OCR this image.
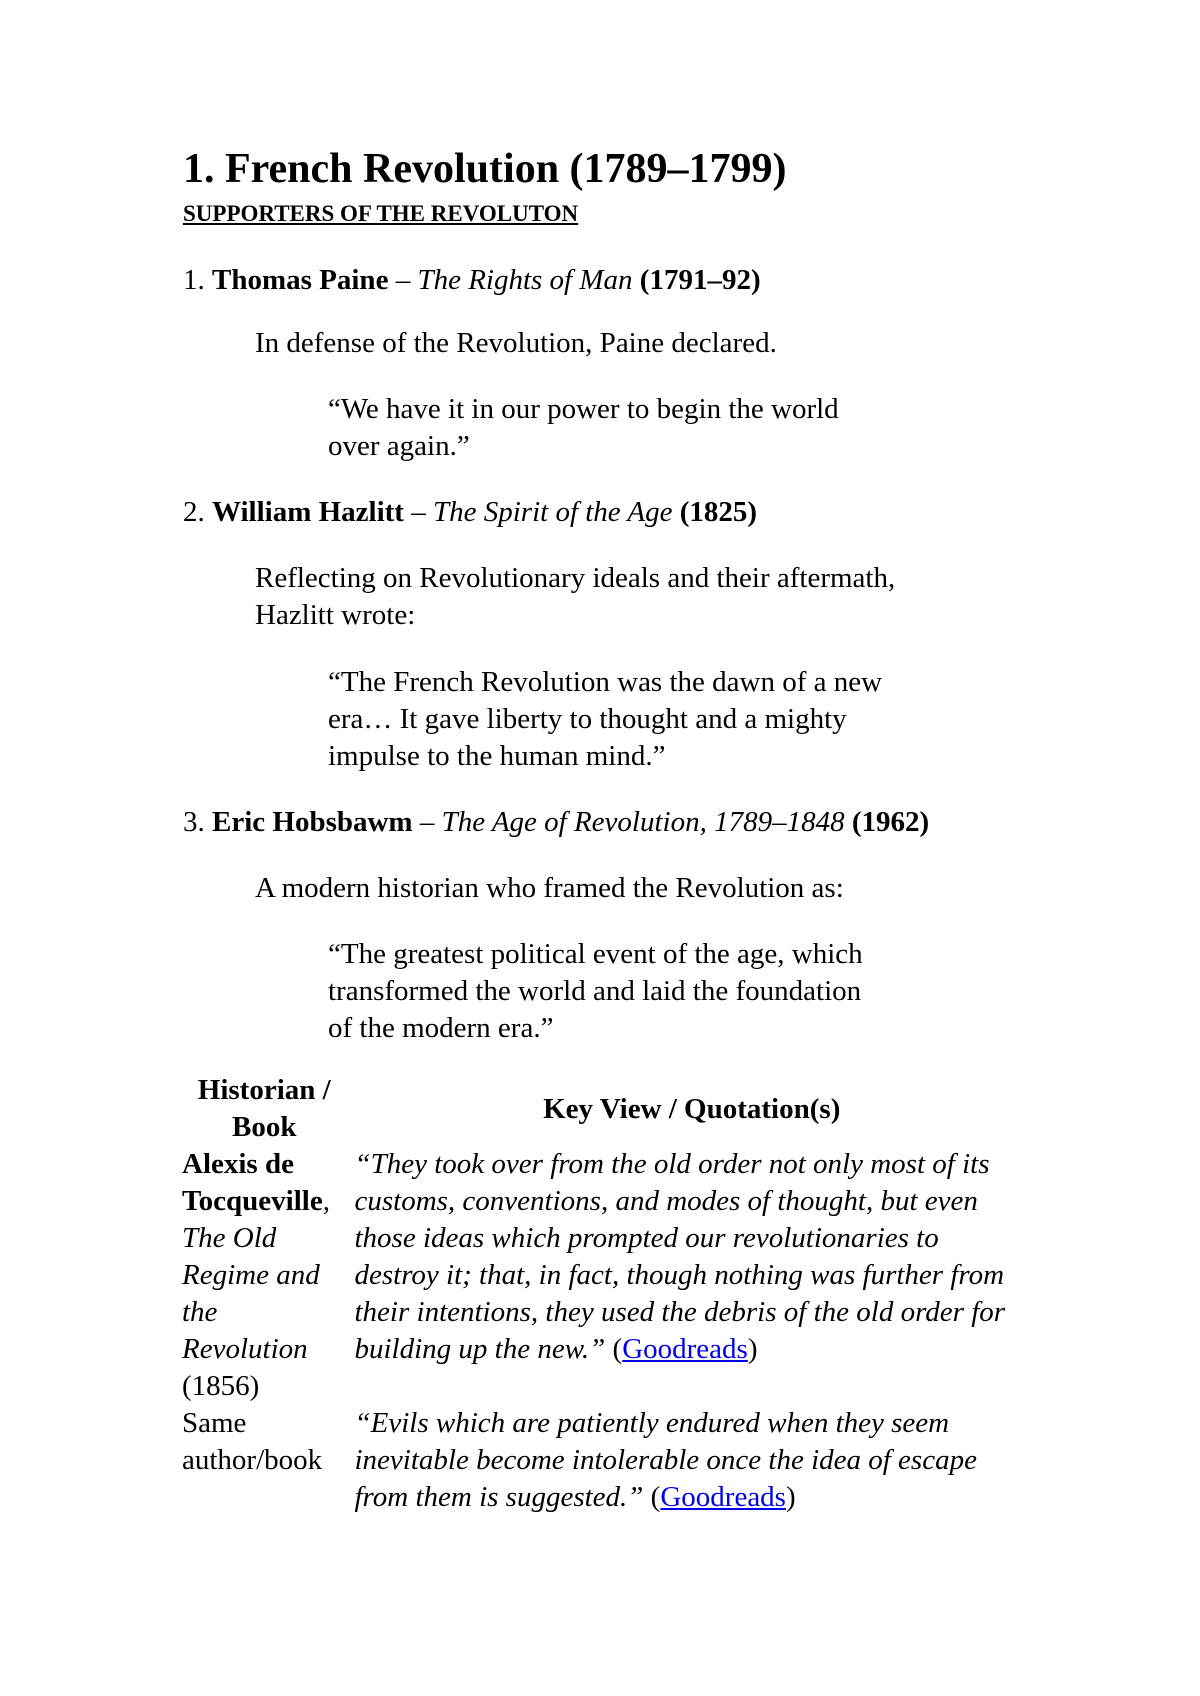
1. French Revolution (1789–1799)
SUPPORTERS OF THE REVOLUTON
1. Thomas Paine – The Rights of Man (1791–92)
In defense of the Revolution, Paine declared.
“We have it in our power to begin the world
over again.”
2. William Hazlitt – The Spirit of the Age (1825)
Reflecting on Revolutionary ideals and their aftermath,
Hazlitt wrote:
“The French Revolution was the dawn of a new
era… It gave liberty to thought and a mighty
impulse to the human mind.”
3. Eric Hobsbawm – The Age of Revolution, 1789–1848 (1962)
A modern historian who framed the Revolution as:
“The greatest political event of the age, which
transformed the world and laid the foundation
of the modern era.”
Historian / Book	Key View / Quotation(s)
Alexis de Tocqueville, The Old Regime and the Revolution (1856)	“They took over from the old order not only most of its customs, conventions, and modes of thought, but even those ideas which prompted our revolutionaries to destroy it; that, in fact, though nothing was further from their intentions, they used the debris of the old order for building up the new.” (Goodreads)
Same author/book	“Evils which are patiently endured when they seem inevitable become intolerable once the idea of escape from them is suggested.” (Goodreads)
